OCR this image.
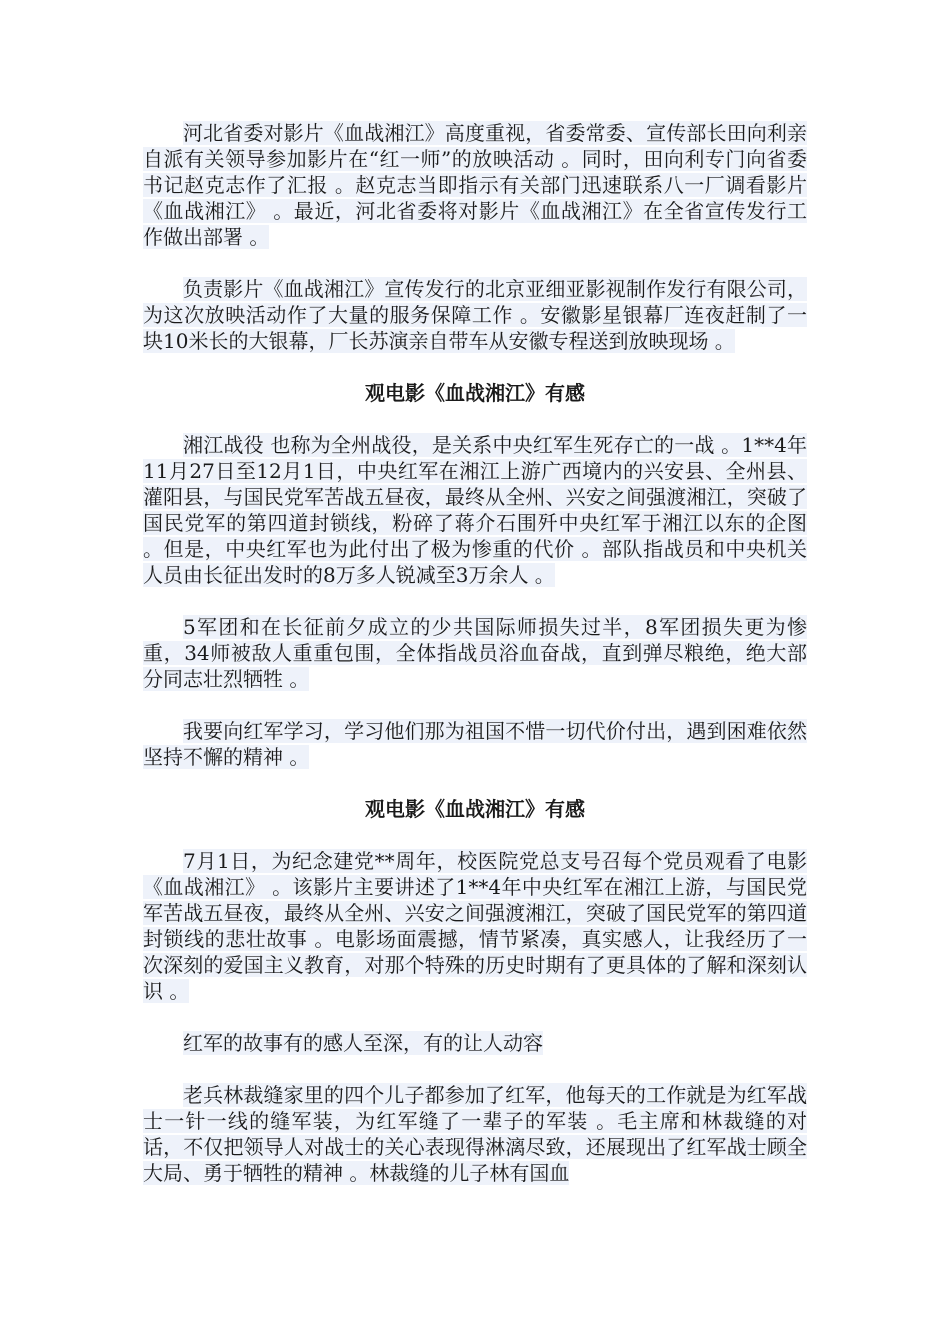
河北省委对影片《血战湘江》高度重视，省委常委、宣传部长田向利亲自派有关领导参加影片在“红一师”的放映活动 。同时，田向利专门向省委书记赵克志作了汇报 。赵克志当即指示有关部门迅速联系八一厂调看影片《血战湘江》 。最近，河北省委将对影片《血战湘江》在全省宣传发行工作做出部署 。

负责影片《血战湘江》宣传发行的北京亚细亚影视制作发行有限公司，为这次放映活动作了大量的服务保障工作 。安徽影星银幕厂连夜赶制了一块10米长的大银幕，厂长苏演亲自带车从安徽专程送到放映现场 。

观电影《血战湘江》有感

湘江战役 也称为全州战役，是关系中央红军生死存亡的一战 。1**4年11月27日至12月1日，中央红军在湘江上游广西境内的兴安县、全州县、灌阳县，与国民党军苦战五昼夜，最终从全州、兴安之间强渡湘江，突破了国民党军的第四道封锁线，粉碎了蒋介石围歼中央红军于湘江以东的企图 。但是，中央红军也为此付出了极为惨重的代价 。部队指战员和中央机关人员由长征出发时的8万多人锐减至3万余人 。

5军团和在长征前夕成立的少共国际师损失过半，8军团损失更为惨重，34师被敌人重重包围，全体指战员浴血奋战，直到弹尽粮绝，绝大部分同志壮烈牺牲 。

我要向红军学习，学习他们那为祖国不惜一切代价付出，遇到困难依然坚持不懈的精神 。

观电影《血战湘江》有感

7月1日，为纪念建党**周年，校医院党总支号召每个党员观看了电影《血战湘江》 。该影片主要讲述了1**4年中央红军在湘江上游，与国民党军苦战五昼夜，最终从全州、兴安之间强渡湘江，突破了国民党军的第四道封锁线的悲壮故事 。电影场面震撼，情节紧凑，真实感人，让我经历了一次深刻的爱国主义教育，对那个特殊的历史时期有了更具体的了解和深刻认识 。

红军的故事有的感人至深，有的让人动容

老兵林裁缝家里的四个儿子都参加了红军，他每天的工作就是为红军战士一针一线的缝军装，为红军缝了一辈子的军装 。毛主席和林裁缝的对话，不仅把领导人对战士的关心表现得淋漓尽致，还展现出了红军战士顾全大局、勇于牺牲的精神 。林裁缝的儿子林有国血
